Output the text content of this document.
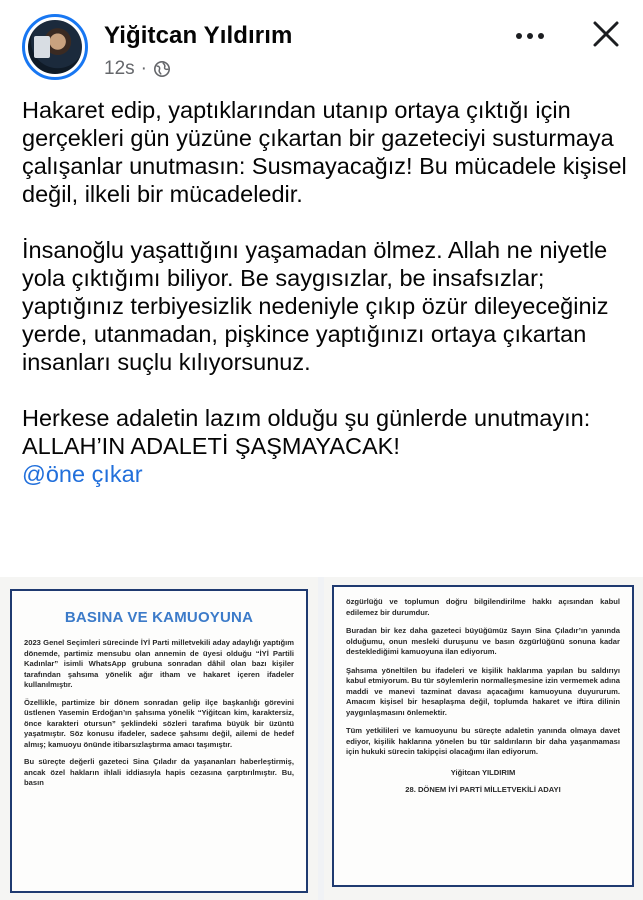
Yiğitcan Yıldırım
12s ·

Hakaret edip, yaptıklarından utanıp ortaya çıktığı için gerçekleri gün yüzüne çıkartan bir gazeteciyi susturmaya çalışanlar unutmasın: Susmayacağız! Bu mücadele kişisel değil, ilkeli bir mücadeledir.

İnsanoğlu yaşattığını yaşamadan ölmez. Allah ne niyetle yola çıktığımı biliyor. Be saygısızlar, be insafsızlar; yaptığınız terbiyesizlik nedeniyle çıkıp özür dileyeceğiniz yerde, utanmadan, pişkince yaptığınızı ortaya çıkartan insanları suçlu kılıyorsunuz.

Herkese adaletin lazım olduğu şu günlerde unutmayın: ALLAH’IN ADALETİ ŞAŞMAYACAK!

@öne çıkar
BASINA VE KAMUOYUNA

2023 Genel Seçimleri sürecinde İYİ Parti milletvekili aday adaylığı yaptığım dönemde, partimiz mensubu olan annemin de üyesi olduğu “İYİ Partili Kadınlar” isimli WhatsApp grubuna sonradan dâhil olan bazı kişiler tarafından şahsıma yönelik ağır itham ve hakaret içeren ifadeler kullanılmıştır.

Özellikle, partimize bir dönem sonradan gelip ilçe başkanlığı görevini üstlenen Yasemin Erdoğan’ın şahsıma yönelik “Yiğitcan kim, karaktersiz, önce karakteri otursun” şeklindeki sözleri tarafıma büyük bir üzüntü yaşatmıştır. Söz konusu ifadeler, sadece şahsımı değil, ailemi de hedef almış; kamuoyu önünde itibarsızlaştırma amacı taşımıştır.

Bu süreçte değerli gazeteci Sina Çıladır da yaşananları haberleştirmiş, ancak özel hakların ihlali iddiasıyla hapis cezasına çarptırılmıştır. Bu, basın

özgürlüğü ve toplumun doğru bilgilendirilme hakkı açısından kabul edilemez bir durumdur.

Buradan bir kez daha gazeteci büyüğümüz Sayın Sina Çıladır’ın yanında olduğumu, onun mesleki duruşunu ve basın özgürlüğünü sonuna kadar desteklediğimi kamuoyuna ilan ediyorum.

Şahsıma yöneltilen bu ifadeleri ve kişilik haklarıma yapılan bu saldırıyı kabul etmiyorum. Bu tür söylemlerin normalleşmesine izin vermemek adına maddi ve manevi tazminat davası açacağımı kamuoyuna duyururum. Amacım kişisel bir hesaplaşma değil, toplumda hakaret ve iftira dilinin yaygınlaşmasını önlemektir.

Tüm yetkilileri ve kamuoyunu bu süreçte adaletin yanında olmaya davet ediyor, kişilik haklarına yönelen bu tür saldırıların bir daha yaşanmaması için hukuki sürecin takipçisi olacağımı ilan ediyorum.

Yiğitcan YILDIRIM
28. DÖNEM İYİ PARTİ MİLLETVEKİLİ ADAYI
